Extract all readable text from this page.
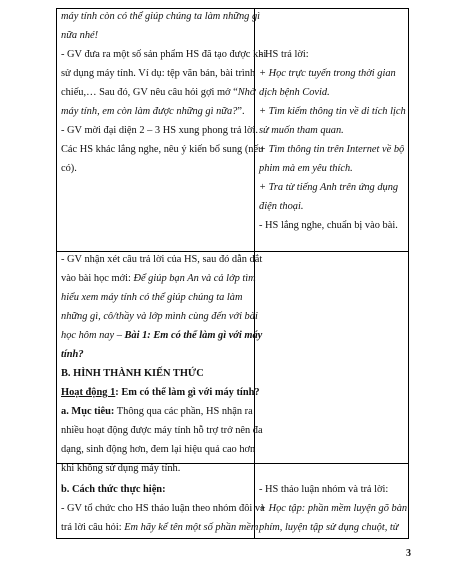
máy tính còn có thể giúp chúng ta làm những gì
nữa nhé!
- GV đưa ra một số sản phẩm HS đã tạo được khi
sử dụng máy tính. Ví dụ: tệp văn bản, bài trình
chiếu,… Sau đó, GV nêu câu hỏi gợi mở “Nhờ
máy tính, em còn làm được những gì nữa?”.
- GV mời đại diện 2 – 3 HS xung phong trả lời.
Các HS khác lắng nghe, nêu ý kiến bổ sung (nếu
có).
- GV nhận xét câu trả lời của HS, sau đó dẫn dắt
vào bài học mới: Để giúp bạn An và cả lớp tìm
hiểu xem máy tính có thể giúp chúng ta làm
những gì, cô/thầy và lớp mình cùng đến với bài
học hôm nay – Bài 1: Em có thể làm gì với máy
tính?
B. HÌNH THÀNH KIẾN THỨC
Hoạt động 1: Em có thể làm gì với máy tính?
a. Mục tiêu: Thông qua các phần, HS nhận ra
nhiều hoạt động được máy tính hỗ trợ trở nên đa
dạng, sinh động hơn, đem lại hiệu quả cao hơn
khi không sử dụng máy tính.
b. Cách thức thực hiện:
- GV tổ chức cho HS thảo luận theo nhóm đôi và
trả lời câu hỏi: Em hãy kể tên một số phần mềm
- HS trả lời:
+ Học trực tuyến trong thời gian
dịch bệnh Covid.
+ Tìm kiếm thông tin về di tích lịch
sử muốn tham quan.
+ Tìm thông tin trên Internet về bộ
phim mà em yêu thích.
+ Tra từ tiếng Anh trên ứng dụng
điện thoại.
- HS lắng nghe, chuẩn bị vào bài.
- HS thảo luận nhóm và trả lời:
+ Học tập: phần mềm luyện gõ bàn
phím, luyện tập sử dụng chuột, từ
3
